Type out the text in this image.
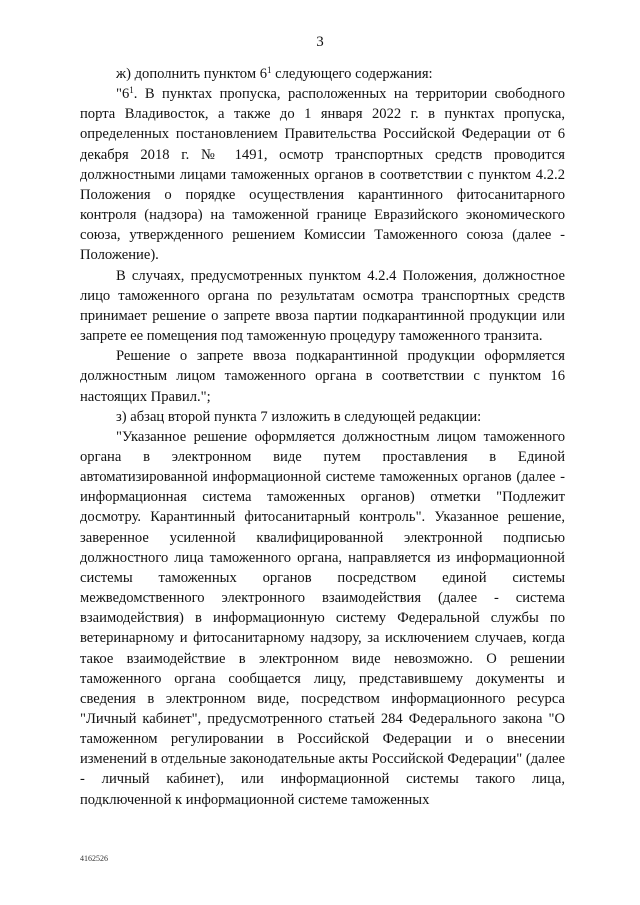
3

ж) дополнить пунктом $6^1$ следующего содержания:

"$6^1$. В пунктах пропуска, расположенных на территории свободного порта Владивосток, а также до 1 января 2022 г. в пунктах пропуска, определенных постановлением Правительства Российской Федерации от 6 декабря 2018 г. № 1491, осмотр транспортных средств проводится должностными лицами таможенных органов в соответствии с пунктом 4.2.2 Положения о порядке осуществления карантинного фитосанитарного контроля (надзора) на таможенной границе Евразийского экономического союза, утвержденного решением Комиссии Таможенного союза (далее - Положение).

В случаях, предусмотренных пунктом 4.2.4 Положения, должностное лицо таможенного органа по результатам осмотра транспортных средств принимает решение о запрете ввоза партии подкарантинной продукции или запрете ее помещения под таможенную процедуру таможенного транзита.

Решение о запрете ввоза подкарантинной продукции оформляется должностным лицом таможенного органа в соответствии с пунктом 16 настоящих Правил.";

з) абзац второй пункта 7 изложить в следующей редакции:

"Указанное решение оформляется должностным лицом таможенного органа в электронном виде путем проставления в Единой автоматизированной информационной системе таможенных органов (далее - информационная система таможенных органов) отметки "Подлежит досмотру. Карантинный фитосанитарный контроль". Указанное решение, заверенное усиленной квалифицированной электронной подписью должностного лица таможенного органа, направляется из информационной системы таможенных органов посредством единой системы межведомственного электронного взаимодействия (далее - система взаимодействия) в информационную систему Федеральной службы по ветеринарному и фитосанитарному надзору, за исключением случаев, когда такое взаимодействие в электронном виде невозможно. О решении таможенного органа сообщается лицу, представившему документы и сведения в электронном виде, посредством информационного ресурса "Личный кабинет", предусмотренного статьей 284 Федерального закона "О таможенном регулировании в Российской Федерации и о внесении изменений в отдельные законодательные акты Российской Федерации" (далее - личный кабинет), или информационной системы такого лица, подключенной к информационной системе таможенных

4162526
